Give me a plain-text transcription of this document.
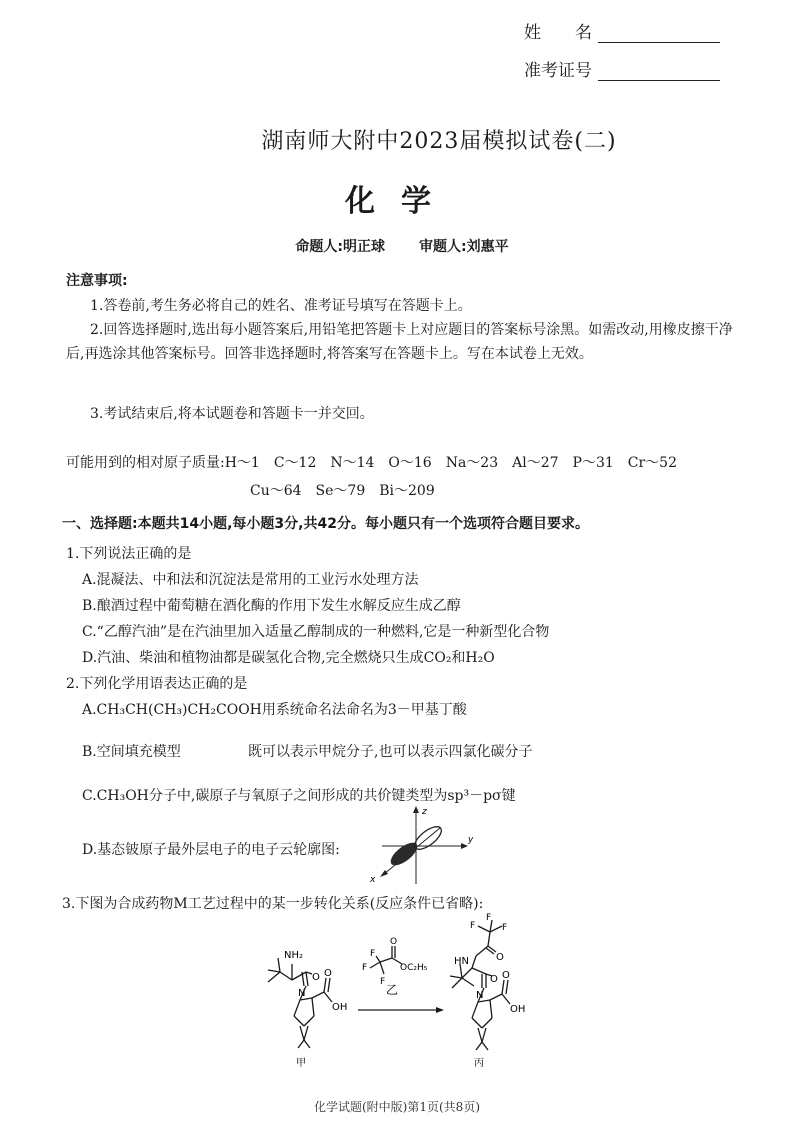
姓　　名
准考证号
湖南师大附中2023届模拟试卷(二)
化学
命题人:明正球 审题人:刘惠平
注意事项:
1.答卷前,考生务必将自己的姓名、准考证号填写在答题卡上。
2.回答选择题时,选出每小题答案后,用铅笔把答题卡上对应题目的答案标号涂黑。如需改动,用橡皮擦干净后,再选涂其他答案标号。回答非选择题时,将答案写在答题卡上。写在本试卷上无效。
3.考试结束后,将本试题卷和答题卡一并交回。
可能用到的相对原子质量:H～1　C～12　N～14　O～16　Na～23　Al～27　P～31　Cr～52
Cu～64　Se～79　Bi～209
一、选择题:本题共14小题,每小题3分,共42分。每小题只有一个选项符合题目要求。
1.下列说法正确的是
A.混凝法、中和法和沉淀法是常用的工业污水处理方法
B.酿酒过程中葡萄糖在酒化酶的作用下发生水解反应生成乙醇
C.“乙醇汽油”是在汽油里加入适量乙醇制成的一种燃料,它是一种新型化合物
D.汽油、柴油和植物油都是碳氢化合物,完全燃烧只生成CO₂和H₂O
2.下列化学用语表达正确的是
A.CH₃CH(CH₃)CH₂COOH用系统命名法命名为3－甲基丁酸
B.空间填充模型	既可以表示甲烷分子,也可以表示四氯化碳分子
C.CH₃OH分子中,碳原子与氧原子之间形成的共价键类型为sp³－pσ键
D.基态铍原子最外层电子的电子云轮廓图:
z
y
x
3.下图为合成药物M工艺过程中的某一步转化关系(反应条件已省略):
NH₂
O
N
O
OH
甲
F
F
F
O
OC₂H₅
乙
F
F	F
O
HN
O
N
O
OH
丙
化学试题(附中版)第1页(共8页)
